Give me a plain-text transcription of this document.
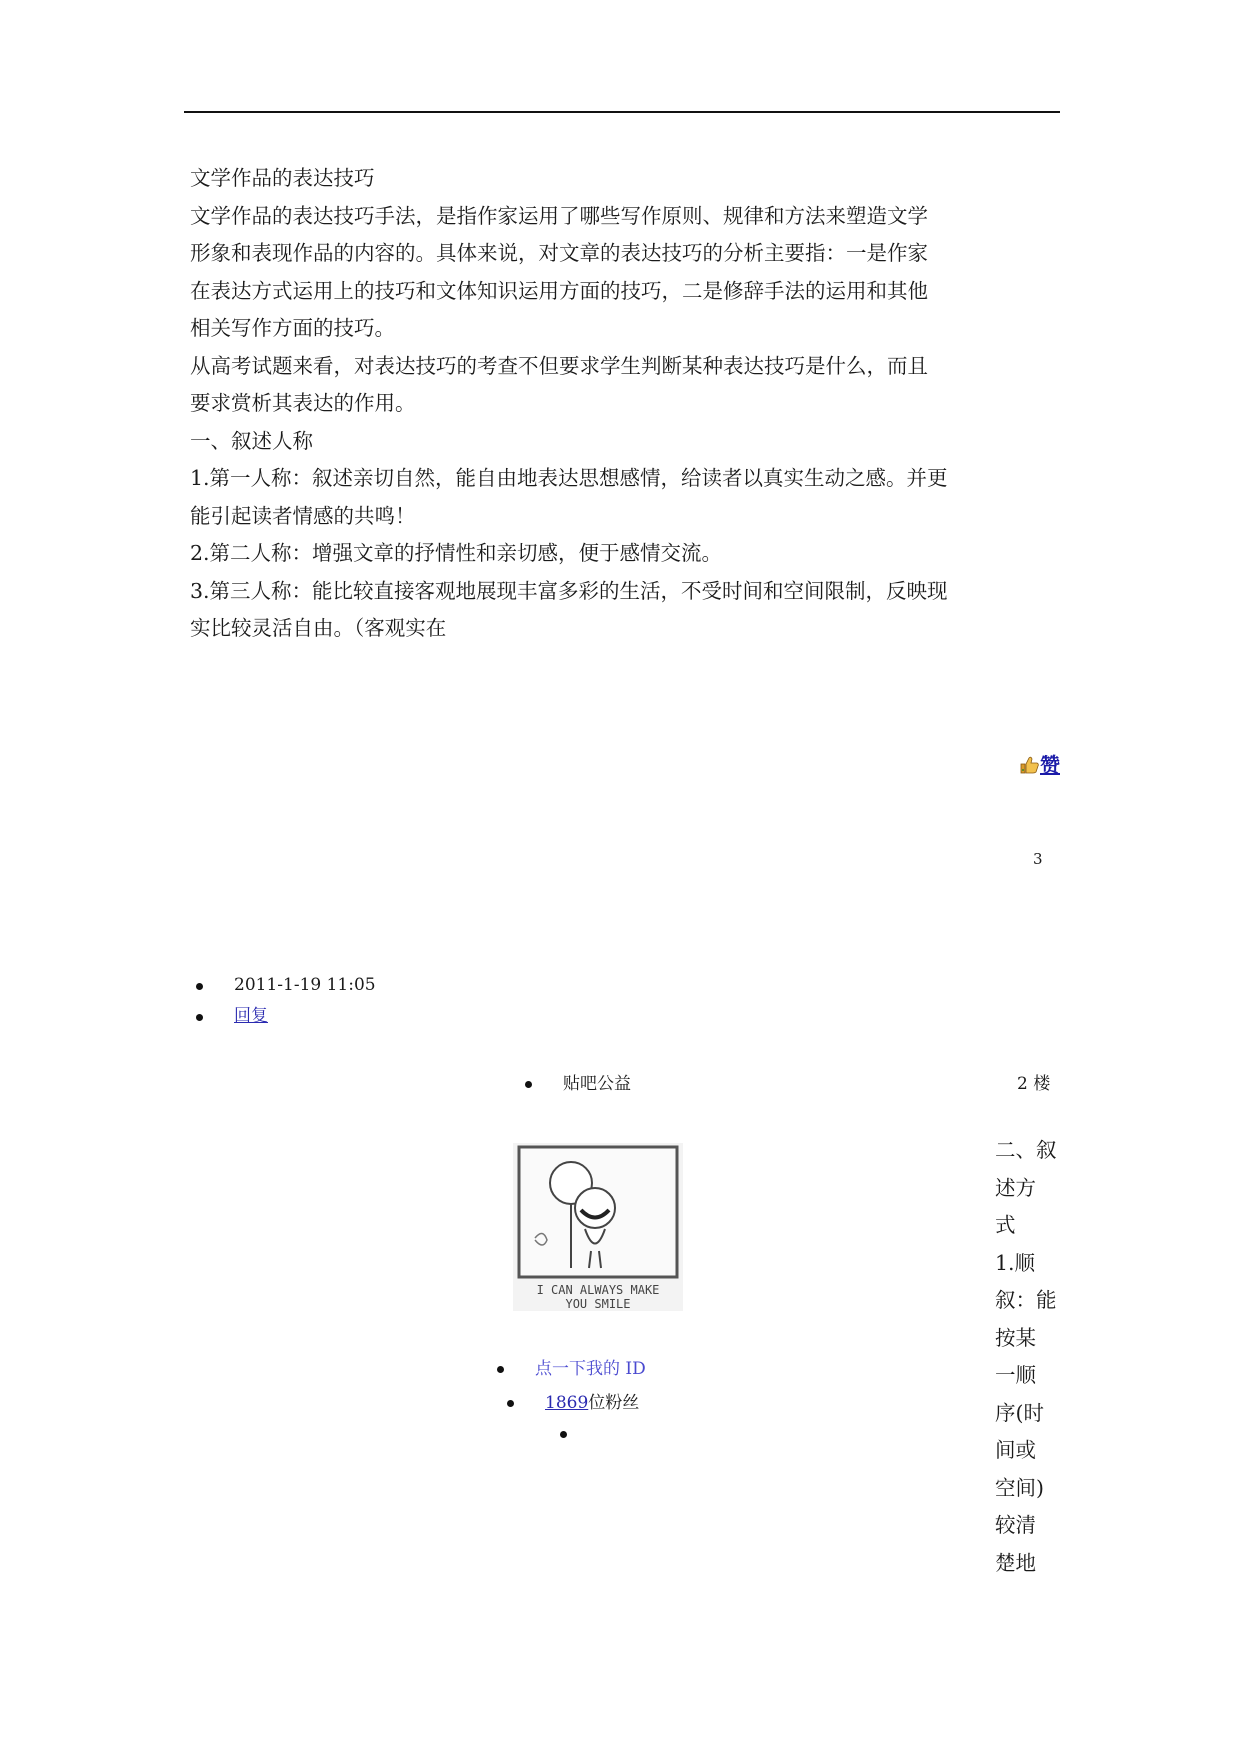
文学作品的表达技巧

文学作品的表达技巧手法，是指作家运用了哪些写作原则、规律和方法来塑造文学

形象和表现作品的内容的。具体来说，对文章的表达技巧的分析主要指：一是作家

在表达方式运用上的技巧和文体知识运用方面的技巧，二是修辞手法的运用和其他

相关写作方面的技巧。

从高考试题来看，对表达技巧的考查不但要求学生判断某种表达技巧是什么，而且

要求赏析其表达的作用。

一、叙述人称

1.第一人称：叙述亲切自然，能自由地表达思想感情，给读者以真实生动之感。并更

能引起读者情感的共鸣！

2.第二人称：增强文章的抒情性和亲切感，便于感情交流。

3.第三人称：能比较直接客观地展现丰富多彩的生活，不受时间和空间限制，反映现

实比较灵活自由。（客观实在

赞
3
2011-1-19 11:05
回复
贴吧公益	2 楼
I CAN ALWAYS MAKE
YOU SMILE
点一下我的 ID
1869位粉丝
二、叙
述方
式
1.顺
叙：能
按某
一顺
序(时
间或
空间)
较清
楚地
